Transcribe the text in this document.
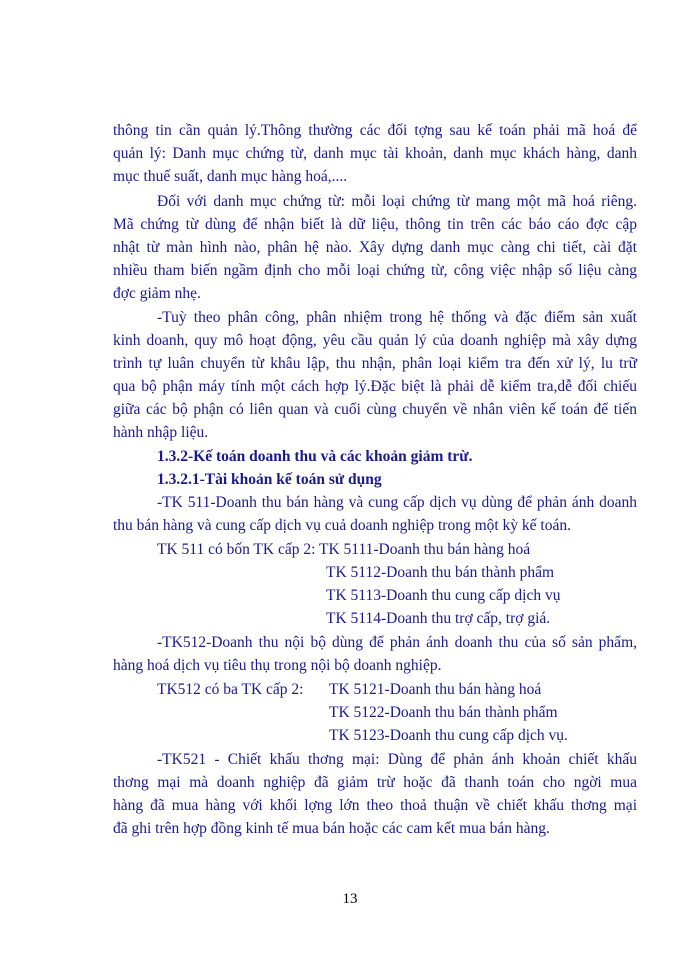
thông tin cần quản lý.Thông thường các đối tợng sau kế toán phải mã hoá để
quản lý: Danh mục chứng từ, danh mục tài khoản, danh mục khách hàng, danh
mục thuế suất, danh mục hàng hoá,....
Đối với danh mục chứng từ: mỗi loại chứng từ mang một mã hoá riêng.
Mã chứng từ dùng để nhận biết là dữ liệu, thông tin trên các báo cáo đợc cập
nhật từ màn hình nào, phân hệ nào. Xây dựng danh mục càng chi tiết, cài đặt
nhiều tham biến ngầm định cho mỗi loại chứng từ, công việc nhập số liệu càng
đợc giảm nhẹ.
-Tuỳ theo phân công, phân nhiệm trong hệ thống và đặc điểm sản xuất
kinh doanh, quy mô hoạt động, yêu cầu quản lý của doanh nghiệp mà xây dựng
trình tự luân chuyển từ khâu lập, thu nhận, phân loại kiểm tra đến xử lý, lu trữ
qua bộ phận máy tính một cách hợp lý.Đặc biệt là phải dễ kiểm tra,dễ đối chiếu
giữa các bộ phận có liên quan và cuối cùng chuyển về nhân viên kế toán để tiến
hành nhập liệu.
1.3.2-Kế toán doanh thu và các khoản giảm trừ.
1.3.2.1-Tài khoản kế toán sử dụng
-TK 511-Doanh thu bán hàng và cung cấp dịch vụ dùng để phản ánh doanh
thu bán hàng và cung cấp dịch vụ cuả doanh nghiệp trong một kỳ kế toán.
TK 511 có bốn TK cấp 2: TK 5111-Doanh thu bán hàng hoá
TK 5112-Doanh thu bán thành phẩm
TK 5113-Doanh thu cung cấp dịch vụ
TK 5114-Doanh thu trợ cấp, trợ giá.
-TK512-Doanh thu nội bộ dùng để phản ánh doanh thu của số sản phẩm,
hàng hoá dịch vụ tiêu thụ trong nội bộ doanh nghiệp.
TK512 có ba TK cấp 2:	TK 5121-Doanh thu bán hàng hoá
TK 5122-Doanh thu bán thành phẩm
TK 5123-Doanh thu cung cấp dịch vụ.
-TK521 - Chiết khấu thơng mại: Dùng để phản ánh khoản chiết khấu
thơng mại mà doanh nghiệp đã giảm trừ hoặc đã thanh toán cho ngời mua
hàng đã mua hàng với khối lợng lớn theo thoả thuận về chiết khấu thơng mại
đã ghi trên hợp đồng kinh tế mua bán hoặc các cam kết mua bán hàng.
13
